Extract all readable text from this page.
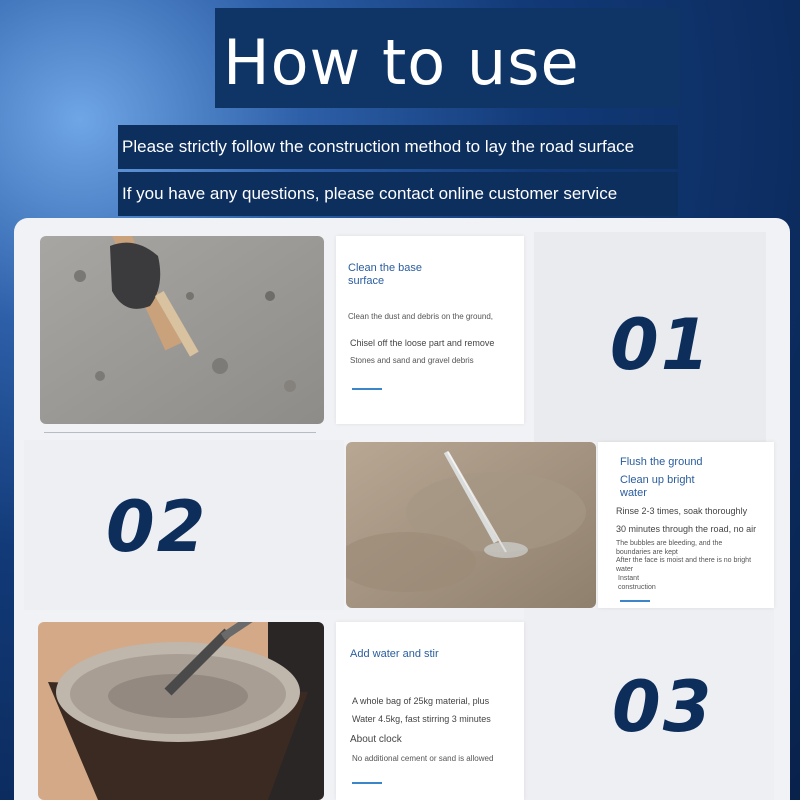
How to use
Please strictly follow the construction method to lay the road surface
If you have any questions, please contact online customer service
Clean the base surface
Clean the dust and debris on the ground,
Chisel off the loose part and remove
Stones and sand and gravel debris 01
02
Flush the ground
Clean up bright water
Rinse 2-3 times, soak thoroughly
30 minutes through the road, no air
The bubbles are bleeding, and the boundaries are kept
After the face is moist and there is no bright water
Instant construction
Add water and stir
A whole bag of 25kg material, plus
Water 4.5kg, fast stirring 3 minutes
About clock
No additional cement or sand is allowed
03
